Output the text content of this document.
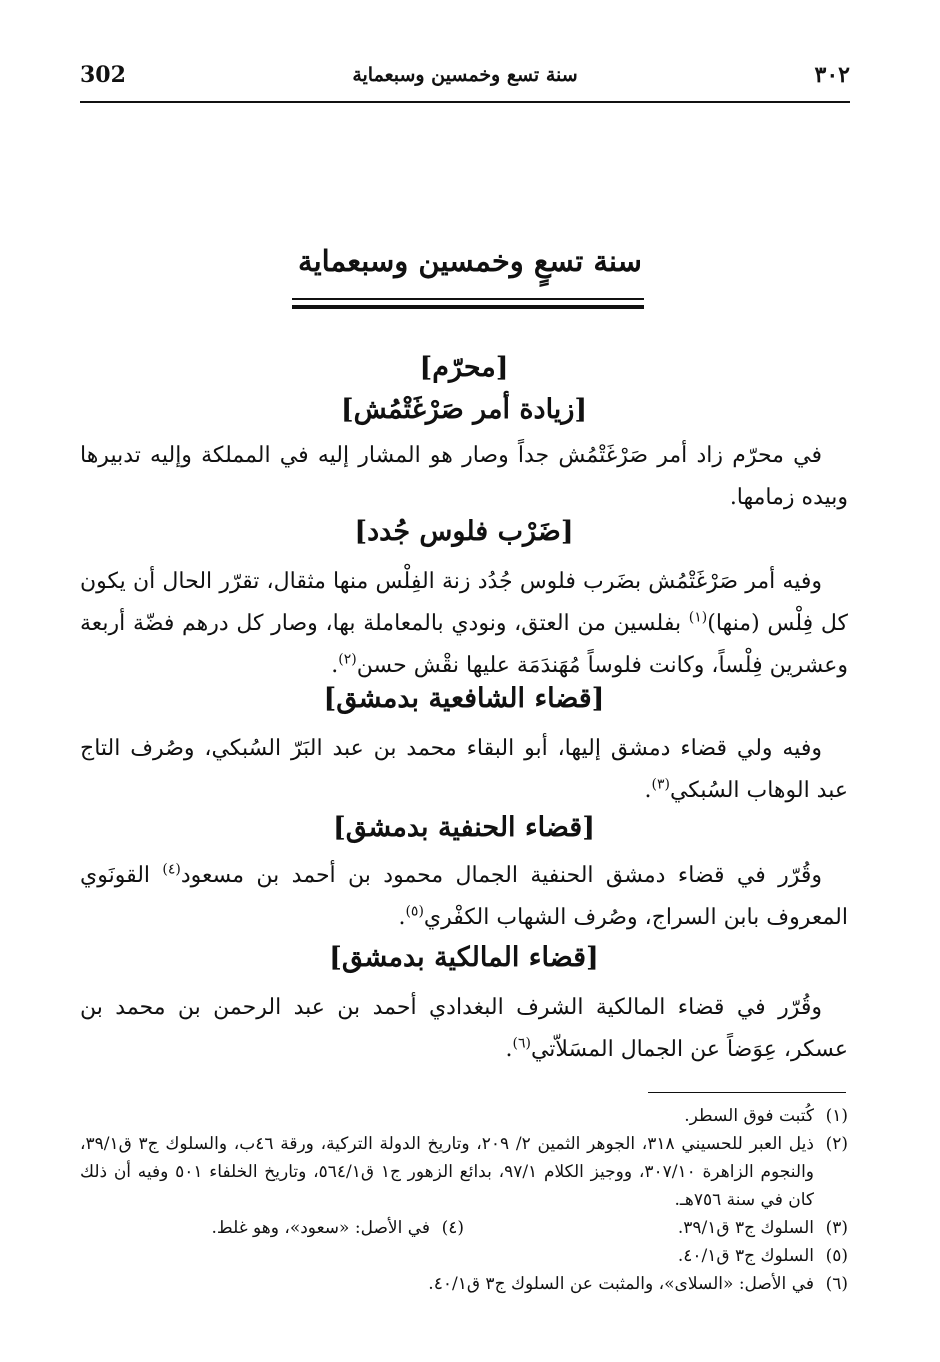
٣٠٢
سنة تسع وخمسين وسبعماية
302
سنة تسعٍ وخمسين وسبعماية
[محرّم]
[زيادة أمر صَرْغَتْمُش]

في محرّم زاد أمر صَرْغَتْمُش جداً وصار هو المشار إليه في المملكة وإليه تدبيرها وبيده زمامها.

[ضَرْب فلوس جُدد]

وفيه أمر صَرْغَتْمُش بضَرب فلوس جُدُد زنة الفِلْس منها مثقال، تقرّر الحال أن يكون كل فِلْس (منها)$^{(١)}$ بفلسين من العتق، ونودي بالمعاملة بها، وصار كل درهم فضّة أربعة وعشرين فِلْساً، وكانت فلوساً مُهَندَمَة عليها نقْش حسن$^{(٢)}$.

[قضاء الشافعية بدمشق]

وفيه ولي قضاء دمشق إليها، أبو البقاء محمد بن عبد البَرّ السُبكي، وصُرف التاج عبد الوهاب السُبكي$^{(٣)}$.

[قضاء الحنفية بدمشق]

وقُرّر في قضاء دمشق الحنفية الجمال محمود بن أحمد بن مسعود$^{(٤)}$ القونَوي المعروف بابن السراج، وصُرف الشهاب الكفْري$^{(٥)}$.

[قضاء المالكية بدمشق]

وقُرّر في قضاء المالكية الشرف البغدادي أحمد بن عبد الرحمن بن محمد بن عسكر، عِوَضاً عن الجمال المسَلاّتي$^{(٦)}$.

(١)
كُتبت فوق السطر.
(٢)
ذيل العبر للحسيني ٣١٨، الجوهر الثمين ٢/ ٢٠٩، وتاريخ الدولة التركية، ورقة ٤٦ب، والسلوك ج٣ ق٣٩/١، والنجوم الزاهرة ٣٠٧/١٠، ووجيز الكلام ٩٧/١، بدائع الزهور ج١ ق٥٦٤/١، وتاريخ الخلفاء ٥٠١ وفيه أن ذلك كان في سنة ٧٥٦هـ.
(٣)
السلوك ج٣ ق٣٩/١.
(٤)
في الأصل: «سعود»، وهو غلط.
(٥)
السلوك ج٣ ق٤٠/١.
(٦)
في الأصل: «السلاى»، والمثبت عن السلوك ج٣ ق٤٠/١.
